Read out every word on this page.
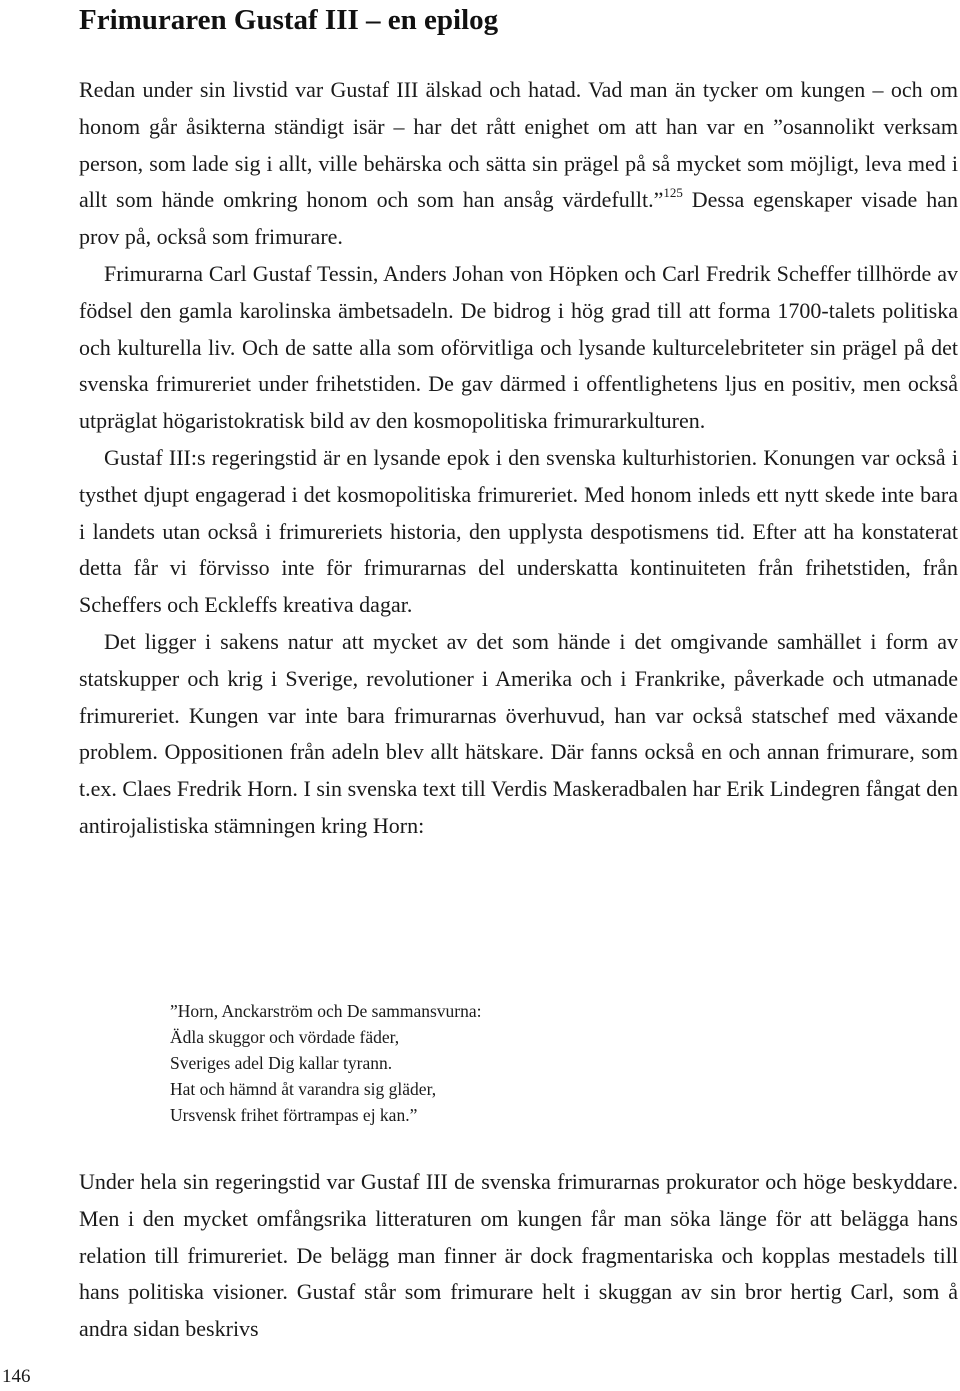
Frimuraren Gustaf III – en epilog

Redan under sin livstid var Gustaf III älskad och hatad. Vad man än tycker om kungen – och om honom går åsikterna ständigt isär – har det rått enighet om att han var en ”osannolikt verksam person, som lade sig i allt, ville behärska och sätta sin prägel på så mycket som möjligt, leva med i allt som hände omkring honom och som han ansåg värdefullt.”$^{125}$ Dessa egenskaper visade han prov på, också som frimurare.

Frimurarna Carl Gustaf Tessin, Anders Johan von Höpken och Carl Fredrik Scheffer tillhörde av födsel den gamla karolinska ämbetsadeln. De bidrog i hög grad till att forma 1700-talets politiska och kulturella liv. Och de satte alla som oförvitliga och lysande kulturcelebriteter sin prägel på det svenska frimureriet under frihetstiden. De gav därmed i offentlighetens ljus en positiv, men också utpräglat högaristokratisk bild av den kosmopolitiska frimurarkulturen.

Gustaf III:s regeringstid är en lysande epok i den svenska kulturhistorien. Konungen var också i tysthet djupt engagerad i det kosmopolitiska frimureriet. Med honom inleds ett nytt skede inte bara i landets utan också i frimureriets historia, den upplysta despotismens tid. Efter att ha konstaterat detta får vi förvisso inte för frimurarnas del underskatta kontinuiteten från frihetstiden, från Scheffers och Eckleffs kreativa dagar.

Det ligger i sakens natur att mycket av det som hände i det omgivande samhället i form av statskupper och krig i Sverige, revolutioner i Amerika och i Frankrike, påverkade och utmanade frimureriet. Kungen var inte bara frimurarnas överhuvud, han var också statschef med växande problem. Oppositionen från adeln blev allt hätskare. Där fanns också en och annan frimurare, som t.ex. Claes Fredrik Horn. I sin svenska text till Verdis Maskeradbalen har Erik Lindegren fångat den antirojalistiska stämningen kring Horn:

”Horn, Anckarström och De sammansvurna:
Ädla skuggor och vördade fäder,
Sveriges adel Dig kallar tyrann.
Hat och hämnd åt varandra sig gläder,
Ursvensk frihet förtrampas ej kan.”

Under hela sin regeringstid var Gustaf III de svenska frimurarnas prokurator och höge beskyddare. Men i den mycket omfångsrika litteraturen om kungen får man söka länge för att belägga hans relation till frimureriet. De belägg man finner är dock fragmentariska och kopplas mestadels till hans politiska visioner. Gustaf står som frimurare helt i skuggan av sin bror hertig Carl, som å andra sidan beskrivs

146
